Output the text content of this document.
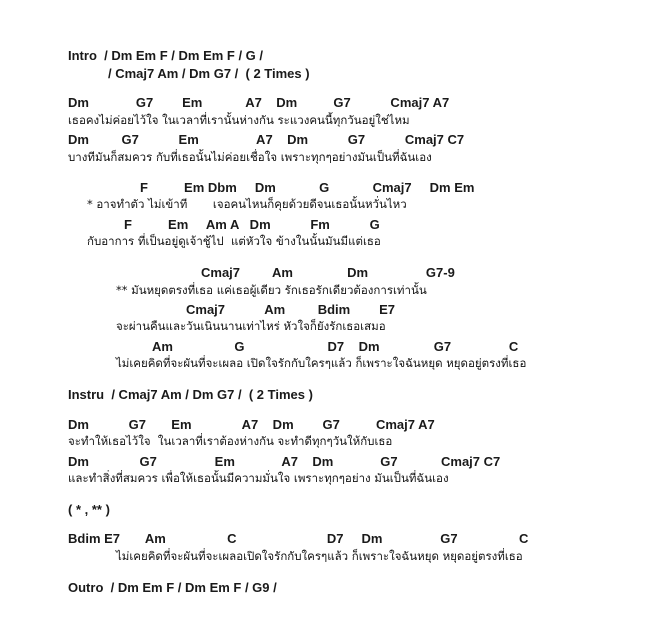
Intro  / Dm Em F / Dm Em F / G /
/ Cmaj7 Am / Dm G7 /  ( 2 Times )
Dm             G7        Em            A7    Dm          G7           Cmaj7 A7
เธอคงไม่ค่อยไว้ใจ ในเวลาที่เรานั้นห่างกัน ระแวงคนนี้ทุกวันอยู่ใช่ไหม
Dm         G7           Em                A7    Dm           G7           Cmaj7 C7
บางทีมันก็สมควร กับที่เธอนั้นไม่ค่อยเชื่อใจ เพราะทุกๆอย่างมันเป็นที่ฉันเอง
F          Em Dbm     Dm            G            Cmaj7     Dm Em
* อาจทำตัว ไม่เข้าที       เจอคนไหนก็คุยด้วยดีจนเธอนั้นหวั่นไหว
F          Em     Am A   Dm           Fm           G
กับอาการ ที่เป็นอยู่ดูเจ้าชู้ไป  แต่หัวใจ ข้างในนั้นมันมีแต่เธอ
Cmaj7         Am               Dm                G7-9
** มันหยุดตรงที่เธอ แค่เธอผู้เดียว รักเธอรักเดียวต้องการเท่านั้น
Cmaj7           Am         Bdim        E7
จะผ่านคืนและวันเนินนานเท่าไหร่ หัวใจก็ยังรักเธอเสมอ
Am                 G                       D7    Dm               G7                C
ไม่เคยคิดที่จะผันที่จะเผลอ เปิดใจรักกับใครๆแล้ว ก็เพราะใจฉันหยุด หยุดอยู่ตรงที่เธอ
Instru  / Cmaj7 Am / Dm G7 /  ( 2 Times )
Dm           G7       Em              A7    Dm        G7          Cmaj7 A7
จะทำให้เธอไว้ใจ  ในเวลาที่เราต้องห่างกัน จะทำดีทุกๆวันให้กับเธอ
Dm              G7                Em             A7    Dm             G7            Cmaj7 C7
และทำสิ่งที่สมควร เพื่อให้เธอนั้นมีความมั่นใจ เพราะทุกๆอย่าง มันเป็นที่ฉันเอง
( * , ** )
Bdim E7       Am                 C                         D7     Dm                G7                 C
ไม่เคยคิดที่จะผันที่จะเผลอเปิดใจรักกับใครๆแล้ว ก็เพราะใจฉันหยุด หยุดอยู่ตรงที่เธอ
Outro  / Dm Em F / Dm Em F / G9 /
